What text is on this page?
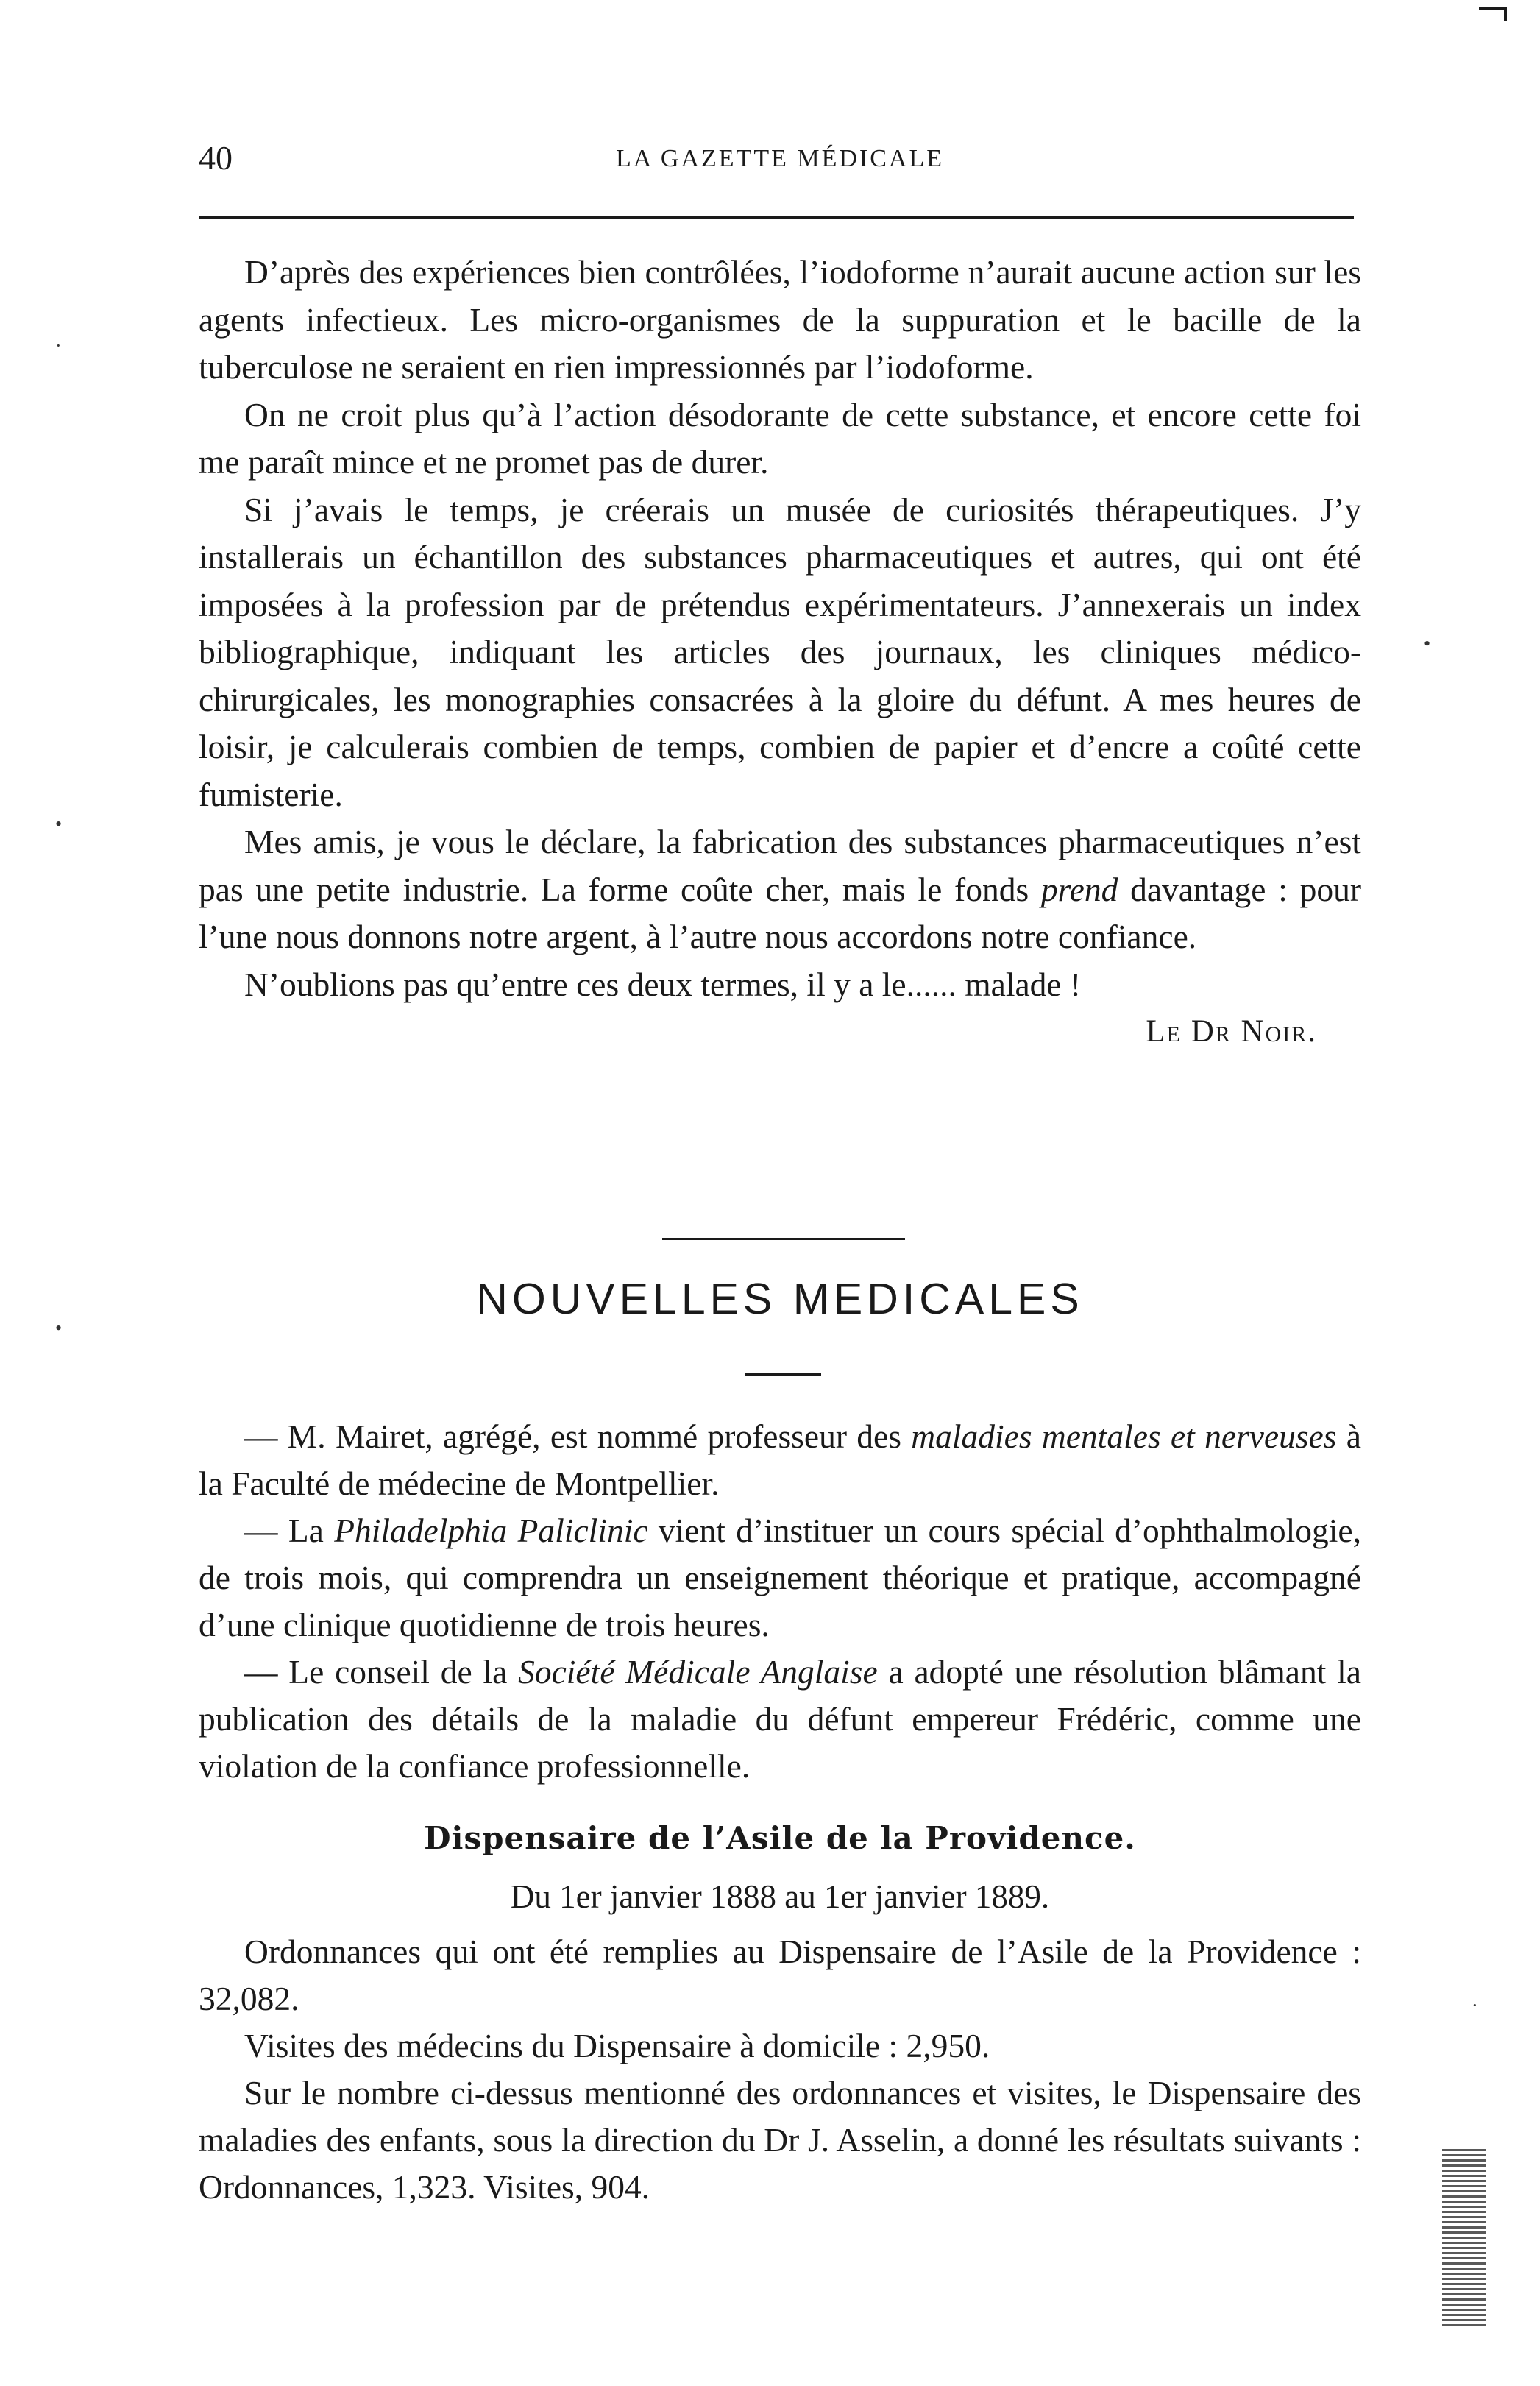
40	LA GAZETTE MÉDICALE

D’après des expériences bien contrôlées, l’iodoforme n’aurait aucune action sur les agents infectieux. Les micro-organismes de la suppuration et le bacille de la tuberculose ne seraient en rien impressionnés par l’iodoforme.

On ne croit plus qu’à l’action désodorante de cette substance, et encore cette foi me paraît mince et ne promet pas de durer.

Si j’avais le temps, je créerais un musée de curiosités thérapeutiques. J’y installerais un échantillon des substances pharmaceutiques et autres, qui ont été imposées à la profession par de prétendus expérimentateurs. J’annexerais un index bibliographique, indiquant les articles des journaux, les cliniques médico-chirurgicales, les monographies consacrées à la gloire du défunt. A mes heures de loisir, je calculerais combien de temps, combien de papier et d’encre a coûté cette fumisterie.

Mes amis, je vous le déclare, la fabrication des substances pharmaceutiques n’est pas une petite industrie. La forme coûte cher, mais le fonds prend davantage : pour l’une nous donnons notre argent, à l’autre nous accordons notre confiance.

N’oublions pas qu’entre ces deux termes, il y a le...... malade !

Le Dr Noir.
NOUVELLES MEDICALES

— M. Mairet, agrégé, est nommé professeur des maladies mentales et nerveuses à la Faculté de médecine de Montpellier.

— La Philadelphia Paliclinic vient d’instituer un cours spécial d’ophthalmologie, de trois mois, qui comprendra un enseignement théorique et pratique, accompagné d’une clinique quotidienne de trois heures.

— Le conseil de la Société Médicale Anglaise a adopté une résolution blâmant la publication des détails de la maladie du défunt empereur Frédéric, comme une violation de la confiance professionnelle.

Dispensaire de l’Asile de la Providence.
Du 1er janvier 1888 au 1er janvier 1889.

Ordonnances qui ont été remplies au Dispensaire de l’Asile de la Providence : 32,082.

Visites des médecins du Dispensaire à domicile : 2,950.

Sur le nombre ci-dessus mentionné des ordonnances et visites, le Dispensaire des maladies des enfants, sous la direction du Dr J. Asselin, a donné les résultats suivants : Ordonnances, 1,323. Visites, 904.

·
•
•
•
·
